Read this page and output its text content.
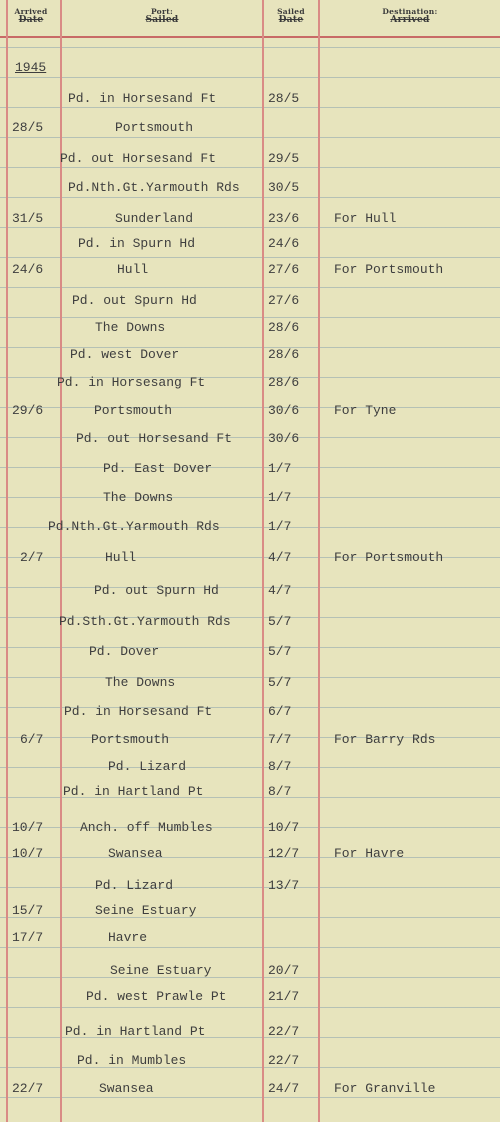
Arrived
Date
Port:
Sailed
Sailed
Date
Destination:
Arrived
1945
Pd. in Horsesand Ft	28/5
28/5	Portsmouth
Pd. out Horsesand Ft	29/5
Pd.Nth.Gt.Yarmouth Rds 30/5
31/5	Sunderland	23/6	For Hull
Pd. in Spurn Hd	24/6
24/6	Hull	27/6	For Portsmouth
Pd. out Spurn Hd	27/6
The Downs	28/6
Pd. west Dover	28/6
Pd. in Horsesang Ft	28/6
29/6	Portsmouth	30/6	For Tyne
Pd. out Horsesand Ft	30/6
Pd. East Dover	1/7
The Downs	1/7
Pd.Nth.Gt.Yarmouth Rds	1/7
2/7	Hull	4/7	For Portsmouth
Pd. out Spurn Hd	4/7
Pd.Sth.Gt.Yarmouth Rds	5/7
Pd. Dover	5/7
The Downs	5/7
Pd. in Horsesand Ft	6/7
6/7	Portsmouth	7/7	For Barry Rds
Pd. Lizard	8/7
Pd. in Hartland Pt	8/7
10/7	Anch. off Mumbles	10/7
10/7	Swansea	12/7	For Havre
Pd. Lizard	13/7
15/7	Seine Estuary
17/7	Havre
Seine Estuary	20/7
Pd. west Prawle Pt	21/7
Pd. in Hartland Pt	22/7
Pd. in Mumbles	22/7
22/7	Swansea	24/7	For Granville
